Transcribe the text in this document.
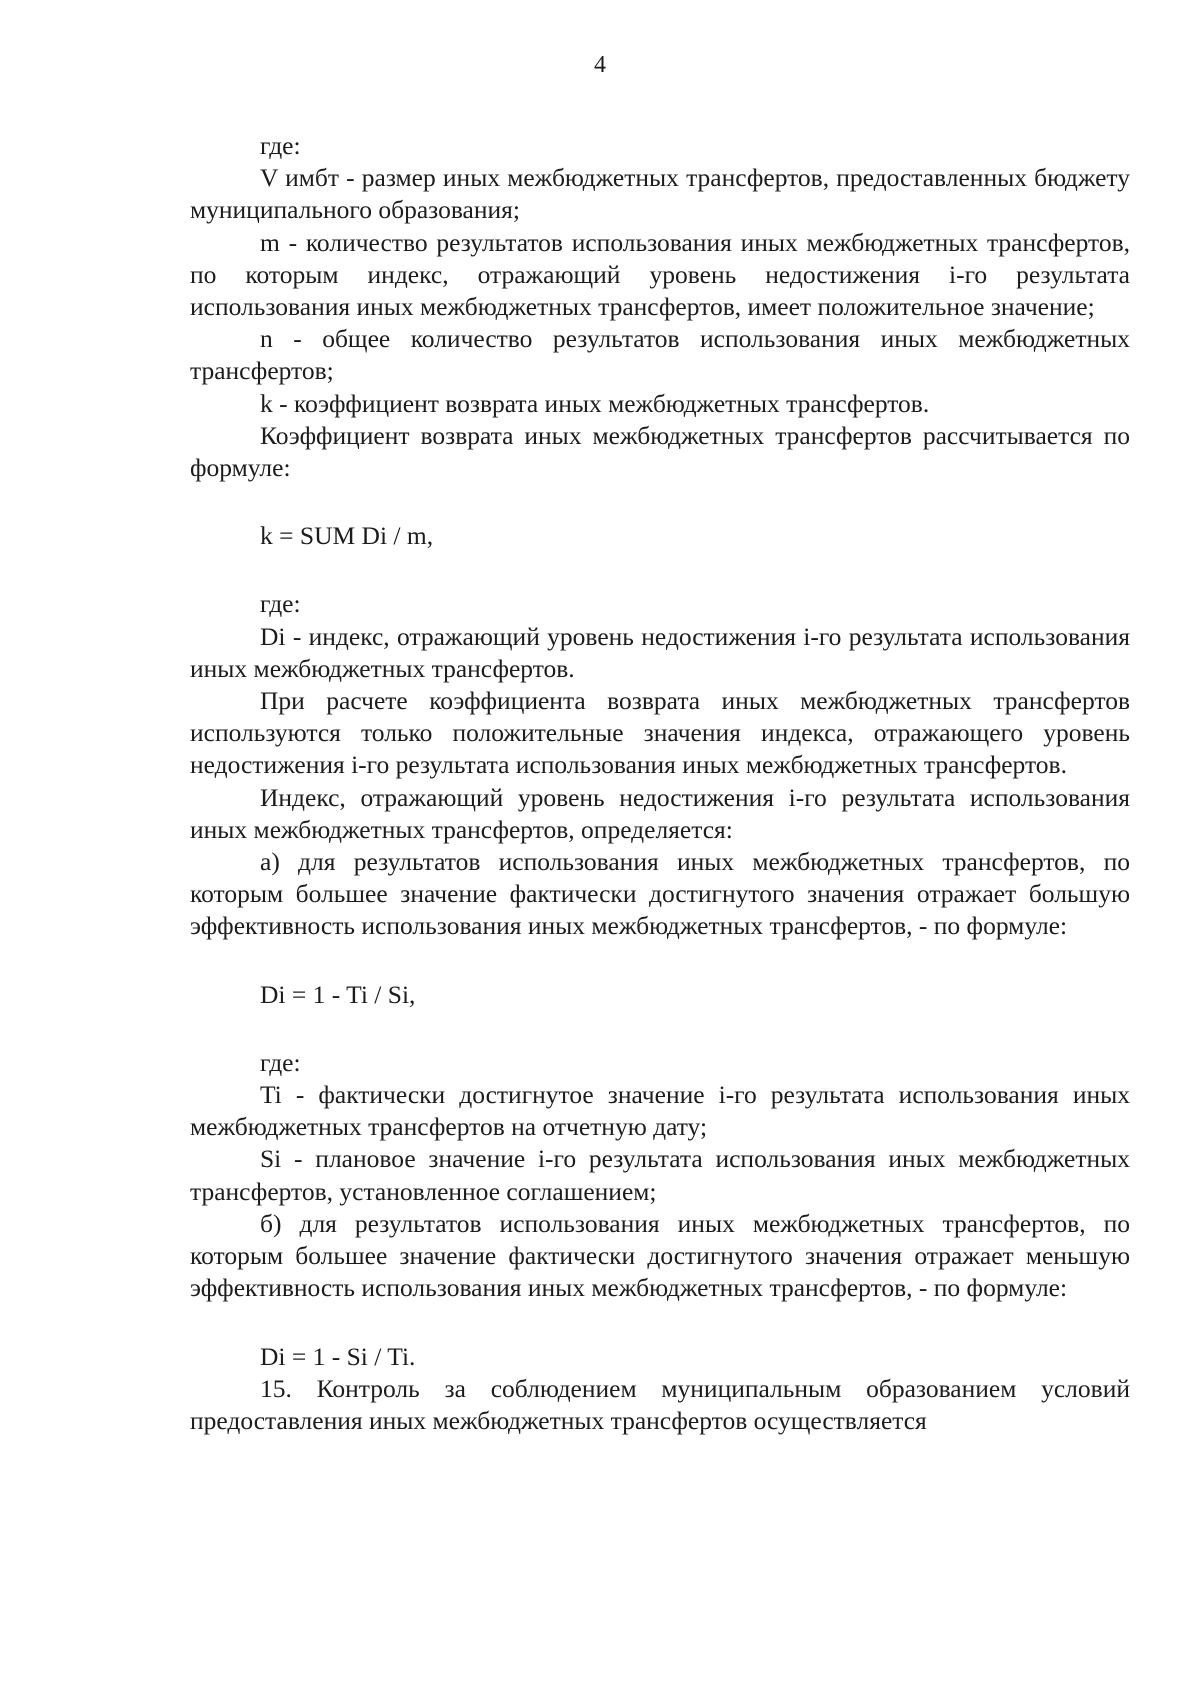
4

где:

V имбт - размер иных межбюджетных трансфертов, предоставленных бюджету муниципального образования;

m - количество результатов использования иных межбюджетных трансфертов, по которым индекс, отражающий уровень недостижения i-го результата использования иных межбюджетных трансфертов, имеет положительное значение;

n - общее количество результатов использования иных межбюджетных трансфертов;

k - коэффициент возврата иных межбюджетных трансфертов.

Коэффициент возврата иных межбюджетных трансфертов рассчитывается по формуле:

k = SUM Di / m,

где:

Di - индекс, отражающий уровень недостижения i-го результата использования иных межбюджетных трансфертов.

При расчете коэффициента возврата иных межбюджетных трансфертов используются только положительные значения индекса, отражающего уровень недостижения i-го результата использования иных межбюджетных трансфертов.

Индекс, отражающий уровень недостижения i-го результата использования иных межбюджетных трансфертов, определяется:

а) для результатов использования иных межбюджетных трансфертов, по которым большее значение фактически достигнутого значения отражает большую эффективность использования иных межбюджетных трансфертов, - по формуле:

Di = 1 - Ti / Si,

где:

Ti - фактически достигнутое значение i-го результата использования иных межбюджетных трансфертов на отчетную дату;

Si - плановое значение i-го результата использования иных межбюджетных трансфертов, установленное соглашением;

б) для результатов использования иных межбюджетных трансфертов, по которым большее значение фактически достигнутого значения отражает меньшую эффективность использования иных межбюджетных трансфертов, - по формуле:

Di = 1 - Si / Ti.

15. Контроль за соблюдением муниципальным образованием условий предоставления иных межбюджетных трансфертов осуществляется
